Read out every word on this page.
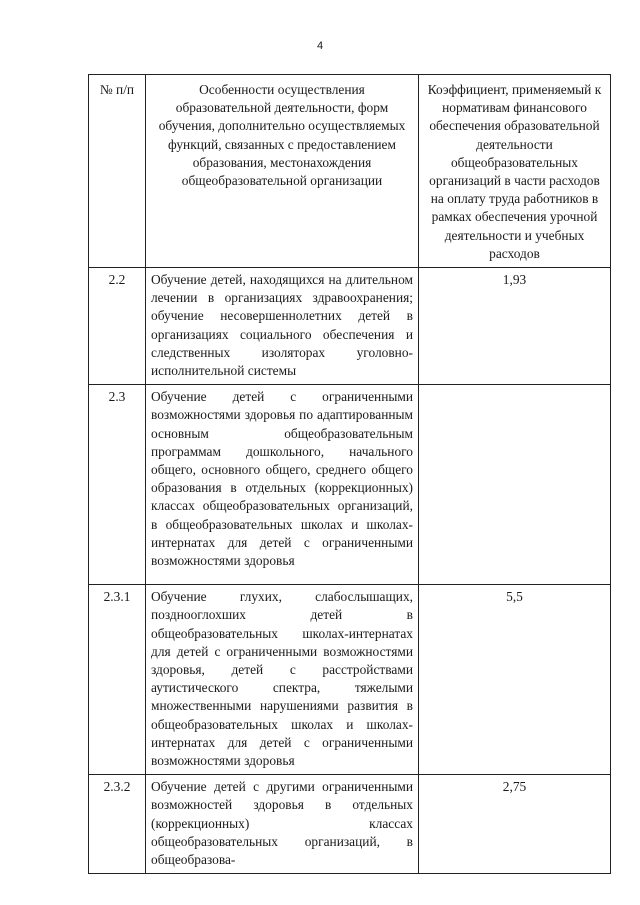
4
№ п/п	Особенности осуществления образовательной деятельности, форм обучения, дополнительно осуществляемых функций, связанных с предоставлением образования, местонахождения общеобразовательной организации	Коэффициент, применяемый к нормативам финансового обеспечения образовательной деятельности общеобразовательных организаций в части расходов на оплату труда работников в рамках обеспечения урочной деятельности и учебных расходов
2.2	Обучение детей, находящихся на длительном лечении в организациях здравоохранения; обучение несовершеннолетних детей в организациях социального обеспечения и следственных изоляторах уголовно-исполнительной системы	1,93
2.3	Обучение детей с ограниченными возможностями здоровья по адаптированным основным общеобразовательным программам дошкольного, начального общего, основного общего, среднего общего образования в отдельных (коррекционных) классах общеобразовательных организаций, в общеобразовательных школах и школах-интернатах для детей с ограниченными возможностями здоровья	
2.3.1	Обучение глухих, слабослышащих, позднооглохших детей в общеобразовательных школах-интернатах для детей с ограниченными возможностями здоровья, детей с расстройствами аутистического спектра, тяжелыми множественными нарушениями развития в общеобразовательных школах и школах-интернатах для детей с ограниченными возможностями здоровья	5,5
2.3.2	Обучение детей с другими ограниченными возможностей здоровья в отдельных (коррекционных) классах общеобразовательных организаций, в общеобразова-	2,75
